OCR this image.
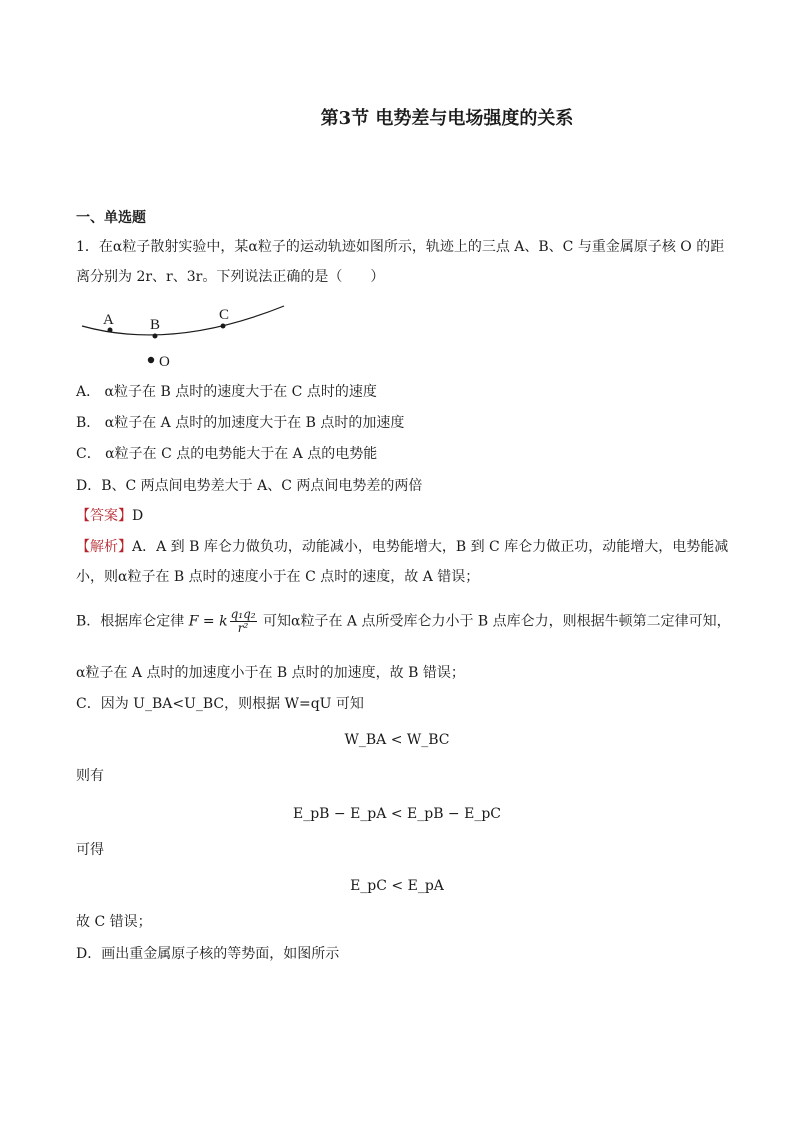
第3节 电势差与电场强度的关系
一、单选题
1．在α粒子散射实验中，某α粒子的运动轨迹如图所示，轨迹上的三点 A、B、C 与重金属原子核 O 的距
离分别为 2r、r、3r。下列说法正确的是（　　）
A B
C
O
A． α粒子在 B 点时的速度大于在 C 点时的速度
B． α粒子在 A 点时的加速度大于在 B 点时的加速度
C． α粒子在 C 点的电势能大于在 A 点的电势能
D．B、C 两点间电势差大于 A、C 两点间电势差的两倍
【答案】D
【解析】A．A 到 B 库仑力做负功，动能减小，电势能增大，B 到 C 库仑力做正功，动能增大，电势能减
小，则α粒子在 B 点时的速度小于在 C 点时的速度，故 A 错误；
B．根据库仑定律 F = k $\frac{\text{q₁q₂}}{\text{r²}}$ 可知α粒子在 A 点所受库仑力小于 B 点库仑力，则根据牛顿第二定律可知，
α粒子在 A 点时的加速度小于在 B 点时的加速度，故 B 错误；
C．因为 U_BA<U_BC，则根据 W=qU 可知
W_BA < W_BC
则有
E_pB − E_pA < E_pB − E_pC
可得
E_pC < E_pA
故 C 错误；
D．画出重金属原子核的等势面，如图所示
